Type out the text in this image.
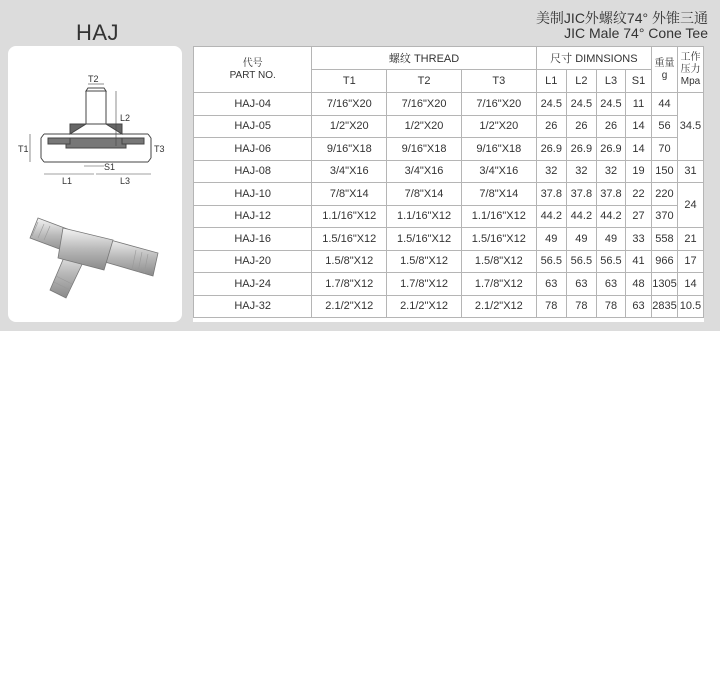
HAJ
美制JIC外螺纹74° 外锥三通
JIC Male 74° Cone Tee
T2
L2
T3
T1
S1
L1	L3
代号
PART NO.	螺纹 THREAD			尺寸 DIMNSIONS				重量
g	工作
压力
Mpa
	T1	T2	T3	L1	L2	L3	S1		
HAJ-04	7/16"X20	7/16"X20	7/16"X20	24.5	24.5	24.5	11	44	34.5
HAJ-05	1/2"X20	1/2"X20	1/2"X20	26	26	26	14	56	
HAJ-06	9/16"X18	9/16"X18	9/16"X18	26.9	26.9	26.9	14	70	
HAJ-08	3/4"X16	3/4"X16	3/4"X16	32	32	32	19	150	31
HAJ-10	7/8"X14	7/8"X14	7/8"X14	37.8	37.8	37.8	22	220	24
HAJ-12	1.1/16"X12	1.1/16"X12	1.1/16"X12	44.2	44.2	44.2	27	370	
HAJ-16	1.5/16"X12	1.5/16"X12	1.5/16"X12	49	49	49	33	558	21
HAJ-20	1.5/8"X12	1.5/8"X12	1.5/8"X12	56.5	56.5	56.5	41	966	17
HAJ-24	1.7/8"X12	1.7/8"X12	1.7/8"X12	63	63	63	48	1305	14
HAJ-32	2.1/2"X12	2.1/2"X12	2.1/2"X12	78	78	78	63	2835	10.5
